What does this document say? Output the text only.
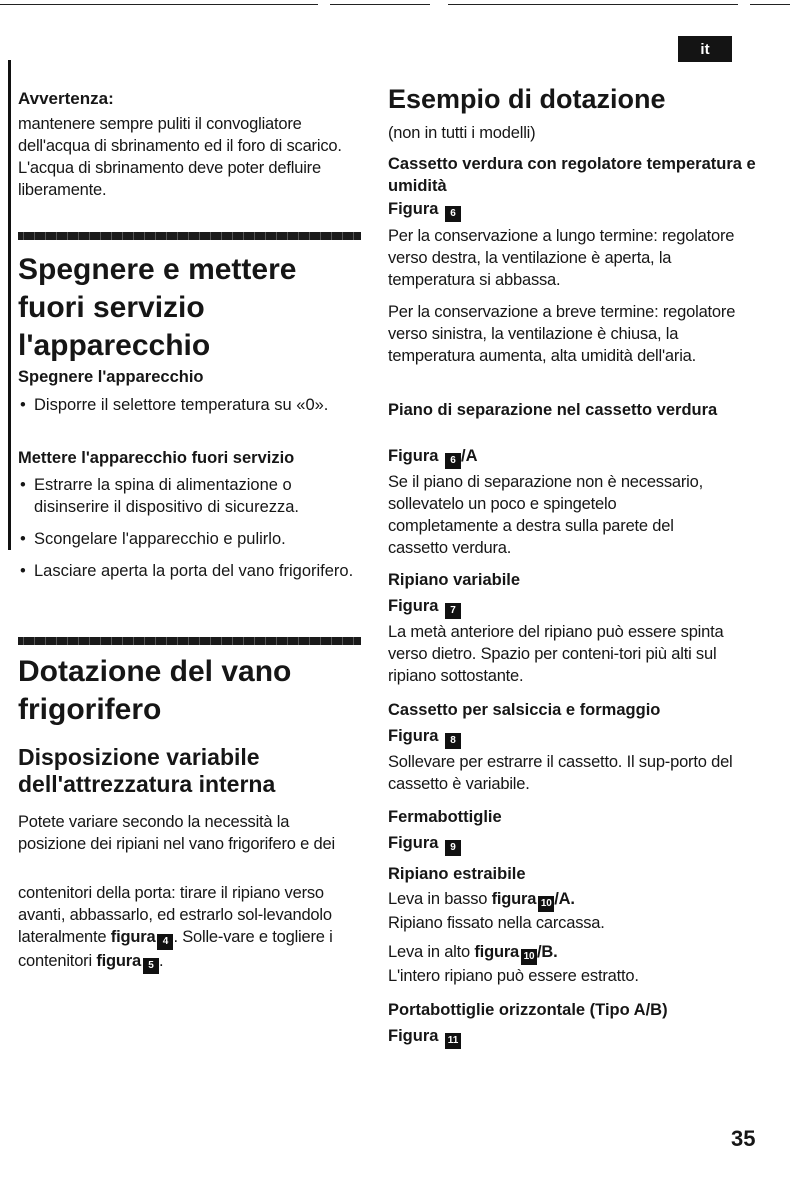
it
Avvertenza:

mantenere sempre puliti il convogliatore dell'acqua di sbrinamento ed il foro di scarico. L'acqua di sbrinamento deve poter defluire liberamente.

Spegnere e mettere fuori servizio l'apparecchio
Spegnere l'apparecchio
• Disporre il selettore temperatura su «0».
Mettere l'apparecchio fuori servizio
• Estrarre la spina di alimentazione o disinserire il dispositivo di sicurezza.
• Scongelare l'apparecchio e pulirlo.
• Lasciare aperta la porta del vano frigorifero.
Dotazione del vano frigorifero
Disposizione variabile dell'attrezzatura interna

Potete variare secondo la necessità la posizione dei ripiani nel vano frigorifero e dei

contenitori della porta: tirare il ripiano verso avanti, abbassarlo, ed estrarlo sol-levandolo lateralmente figura 4 . Solle-vare e togliere i contenitori figura 5 .

Esempio di dotazione

(non in tutti i modelli)

Cassetto verdura con regolatore temperatura e umidità
Figura 6

Per la conservazione a lungo termine: regolatore verso destra, la ventilazione è aperta, la temperatura si abbassa.

Per la conservazione a breve termine: regolatore verso sinistra, la ventilazione è chiusa, la temperatura aumenta, alta umidità dell'aria.

Piano di separazione nel cassetto verdura
Figura 6 /A

Se il piano di separazione non è necessario, sollevatelo un poco e spingetelo completamente a destra sulla parete del cassetto verdura.

Ripiano variabile
Figura 7

La metà anteriore del ripiano può essere spinta verso dietro. Spazio per conteni-tori più alti sul ripiano sottostante.

Cassetto per salsiccia e formaggio
Figura 8

Sollevare per estrarre il cassetto. Il sup-porto del cassetto è variabile.

Fermabottiglie
Figura 9
Ripiano estraibile

Leva in basso figura 10 /A.
Ripiano fissato nella carcassa.

Leva in alto figura 10 /B.
L'intero ripiano può essere estratto.

Portabottiglie orizzontale (Tipo A/B)
Figura 11
35
